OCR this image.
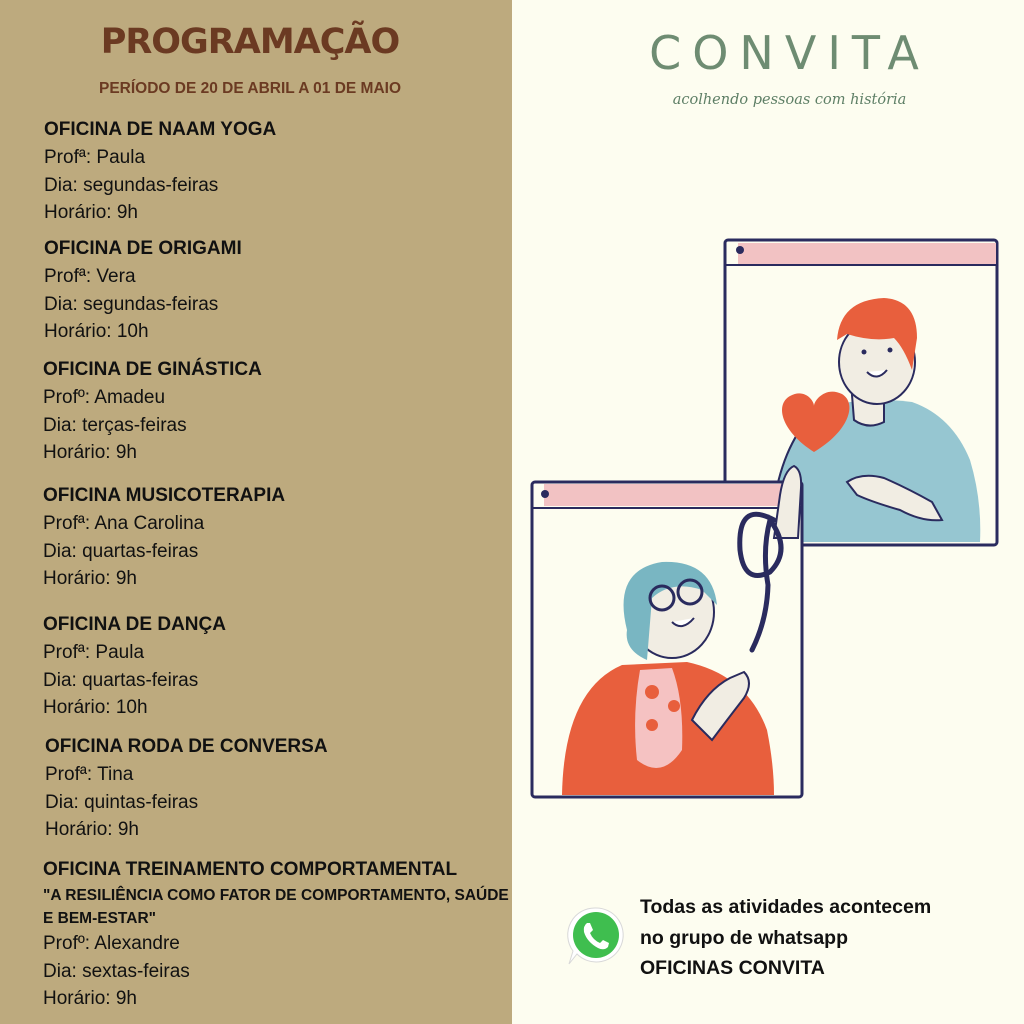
PROGRAMAÇÃO
PERÍODO DE 20 DE ABRIL A 01 DE MAIO
OFICINA DE NAAM YOGA
Profª: Paula
Dia: segundas-feiras
Horário: 9h
OFICINA DE ORIGAMI
Profª: Vera
Dia: segundas-feiras
Horário: 10h
OFICINA DE GINÁSTICA
Profº: Amadeu
Dia: terças-feiras
Horário: 9h
OFICINA MUSICOTERAPIA
Profª: Ana Carolina
Dia: quartas-feiras
Horário: 9h
OFICINA DE DANÇA
Profª: Paula
Dia: quartas-feiras
Horário: 10h
OFICINA RODA DE CONVERSA
Profª: Tina
Dia: quintas-feiras
Horário: 9h
OFICINA TREINAMENTO COMPORTAMENTAL
"A RESILIÊNCIA COMO FATOR DE COMPORTAMENTO, SAÚDE E BEM-ESTAR"
Profº: Alexandre
Dia: sextas-feiras
Horário: 9h
CONVITA
acolhendo pessoas com história
Todas as atividades acontecem
no grupo de whatsapp
OFICINAS CONVITA
